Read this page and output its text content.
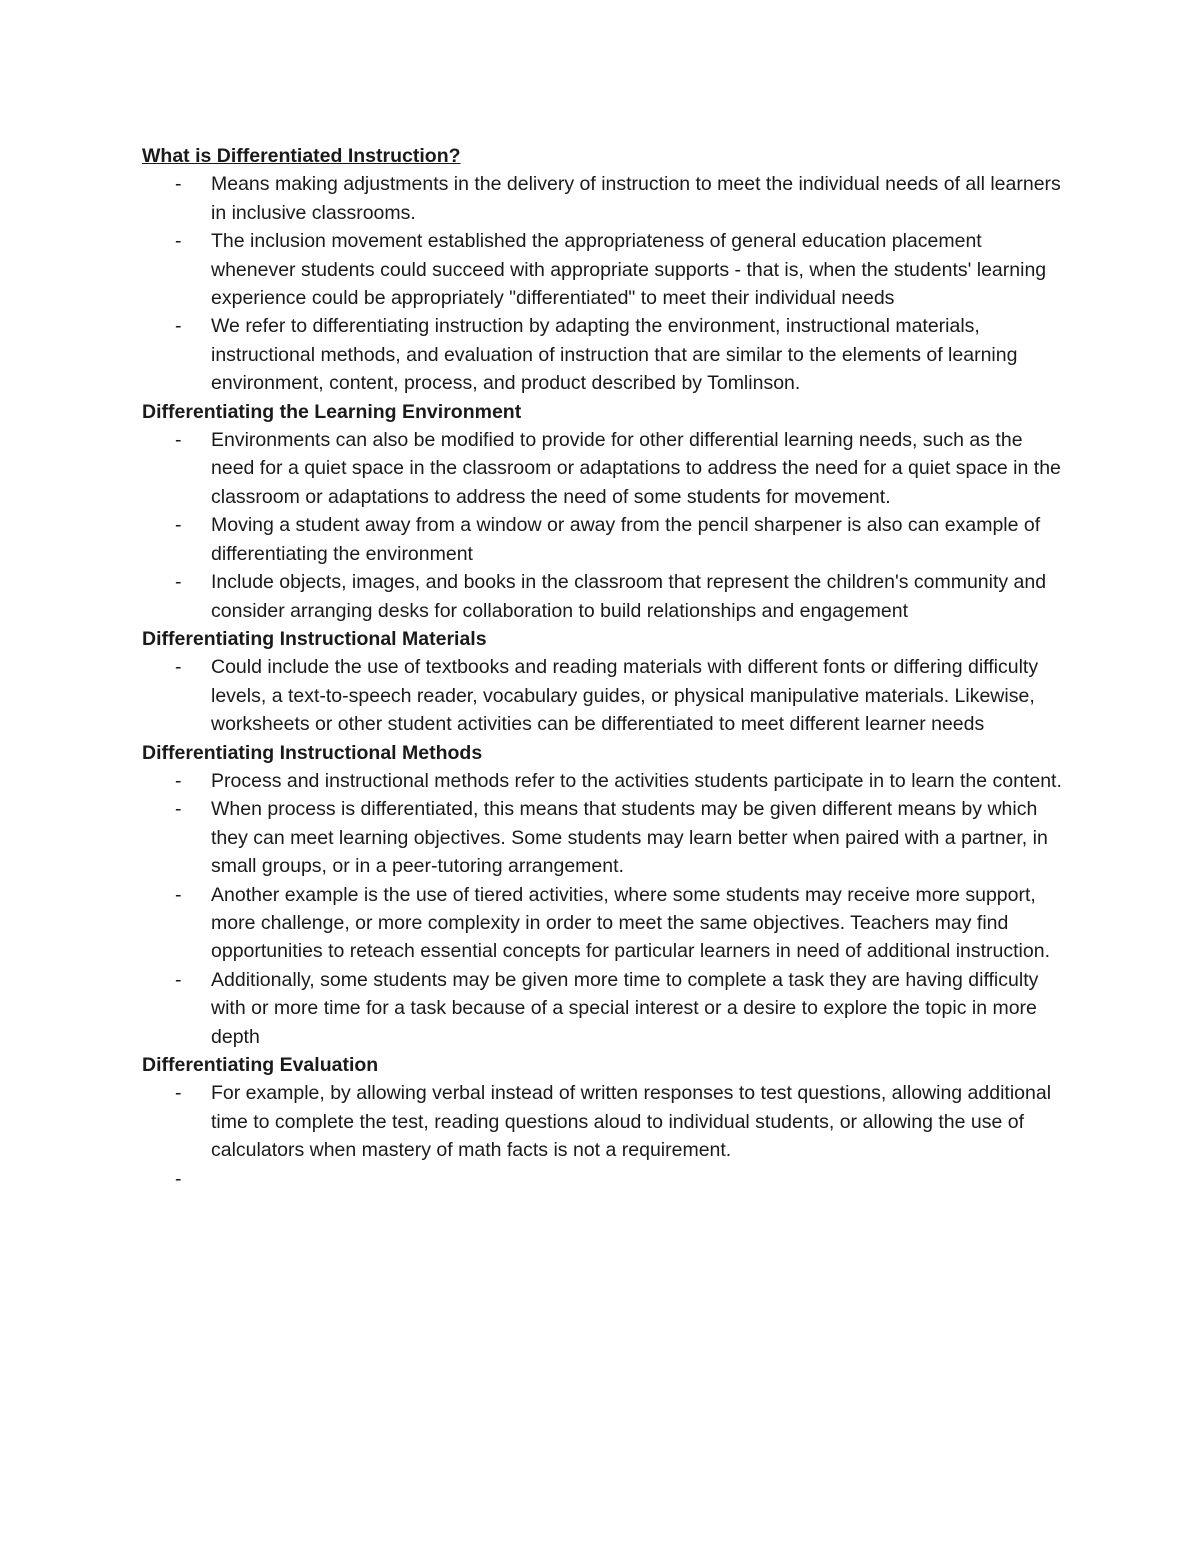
What is Differentiated Instruction?

- Means making adjustments in the delivery of instruction to meet the individual needs of all learners in inclusive classrooms.
- The inclusion movement established the appropriateness of general education placement whenever students could succeed with appropriate supports - that is, when the students' learning experience could be appropriately "differentiated" to meet their individual needs
- We refer to differentiating instruction by adapting the environment, instructional materials, instructional methods, and evaluation of instruction that are similar to the elements of learning environment, content, process, and product described by Tomlinson.

Differentiating the Learning Environment

- Environments can also be modified to provide for other differential learning needs, such as the need for a quiet space in the classroom or adaptations to address the need for a quiet space in the classroom or adaptations to address the need of some students for movement.
- Moving a student away from a window or away from the pencil sharpener is also can example of differentiating the environment
- Include objects, images, and books in the classroom that represent the children's community and consider arranging desks for collaboration to build relationships and engagement

Differentiating Instructional Materials

- Could include the use of textbooks and reading materials with different fonts or differing difficulty levels, a text-to-speech reader, vocabulary guides, or physical manipulative materials. Likewise, worksheets or other student activities can be differentiated to meet different learner needs

Differentiating Instructional Methods

- Process and instructional methods refer to the activities students participate in to learn the content.
- When process is differentiated, this means that students may be given different means by which they can meet learning objectives. Some students may learn better when paired with a partner, in small groups, or in a peer-tutoring arrangement.
- Another example is the use of tiered activities, where some students may receive more support, more challenge, or more complexity in order to meet the same objectives. Teachers may find opportunities to reteach essential concepts for particular learners in need of additional instruction.
- Additionally, some students may be given more time to complete a task they are having difficulty with or more time for a task because of a special interest or a desire to explore the topic in more depth

Differentiating Evaluation

- For example, by allowing verbal instead of written responses to test questions, allowing additional time to complete the test, reading questions aloud to individual students, or allowing the use of calculators when mastery of math facts is not a requirement.
-
